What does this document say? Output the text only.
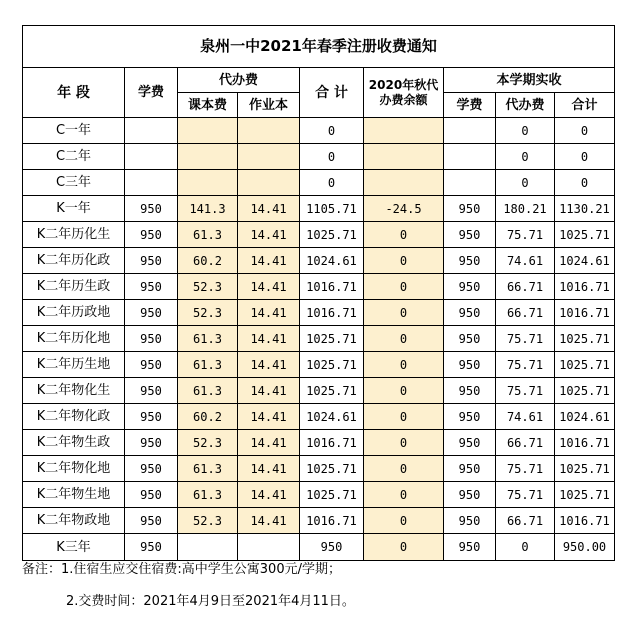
泉州一中2021年春季注册收费通知								
年 段	学费	代办费		合 计	2020年秋代
办费余额	本学期实收		
		课本费	作业本			学费	代办费	合计
C一年				0			0	0
C二年				0			0	0
C三年				0			0	0
K一年	950	141.3	14.41	1105.71	-24.5	950	180.21	1130.21
K二年历化生	950	61.3	14.41	1025.71	0	950	75.71	1025.71
K二年历化政	950	60.2	14.41	1024.61	0	950	74.61	1024.61
K二年历生政	950	52.3	14.41	1016.71	0	950	66.71	1016.71
K二年历政地	950	52.3	14.41	1016.71	0	950	66.71	1016.71
K二年历化地	950	61.3	14.41	1025.71	0	950	75.71	1025.71
K二年历生地	950	61.3	14.41	1025.71	0	950	75.71	1025.71
K二年物化生	950	61.3	14.41	1025.71	0	950	75.71	1025.71
K二年物化政	950	60.2	14.41	1024.61	0	950	74.61	1024.61
K二年物生政	950	52.3	14.41	1016.71	0	950	66.71	1016.71
K二年物化地	950	61.3	14.41	1025.71	0	950	75.71	1025.71
K二年物生地	950	61.3	14.41	1025.71	0	950	75.71	1025.71
K二年物政地	950	52.3	14.41	1016.71	0	950	66.71	1016.71
K三年	950			950	0	950	0	950.00
备注：1.住宿生应交住宿费:高中学生公寓300元/学期；
2.交费时间：2021年4月9日至2021年4月11日。
